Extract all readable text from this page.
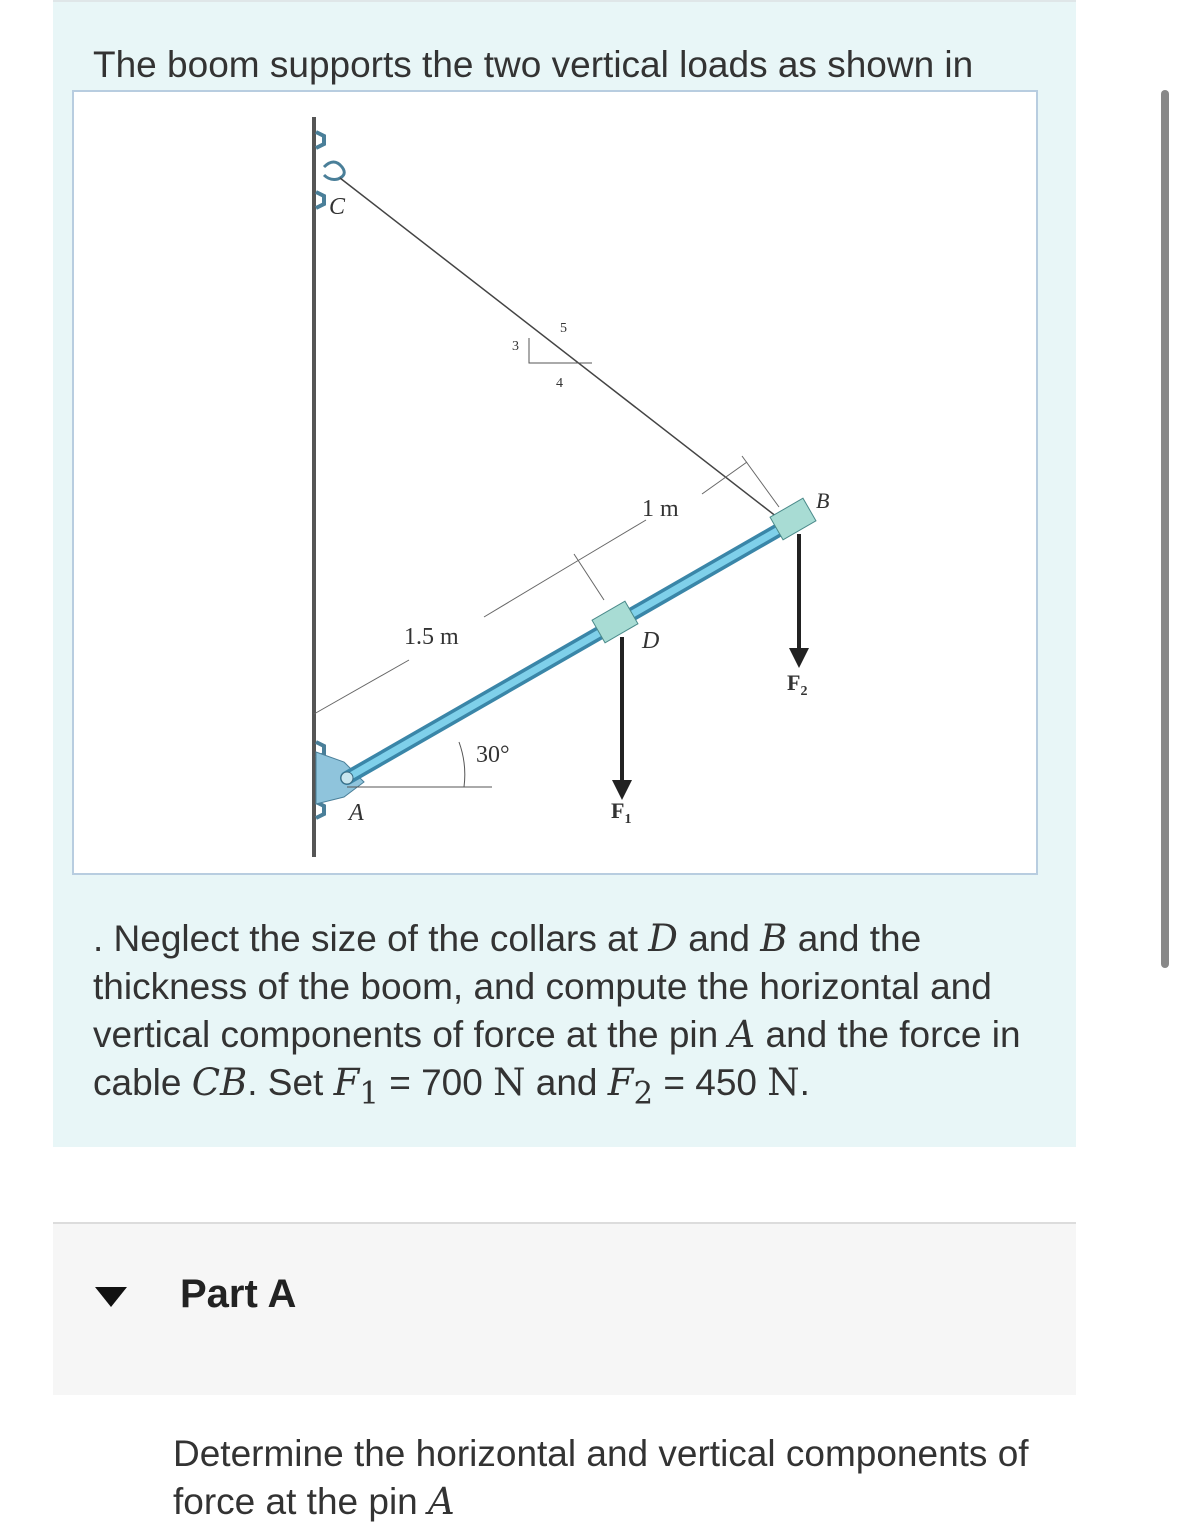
The boom supports the two vertical loads as shown in
3
5
4
1.5 m
1 m
30°
C
B
A
D
$F_1$
$F_2$
. Neglect the size of the collars at D and B and the thickness of the boom, and compute the horizontal and vertical components of force at the pin A and the force in cable CB. Set $F_1 = 700$ N and $F_2 = 450$ N.
Part A
Determine the horizontal and vertical components of
force at the pin A
